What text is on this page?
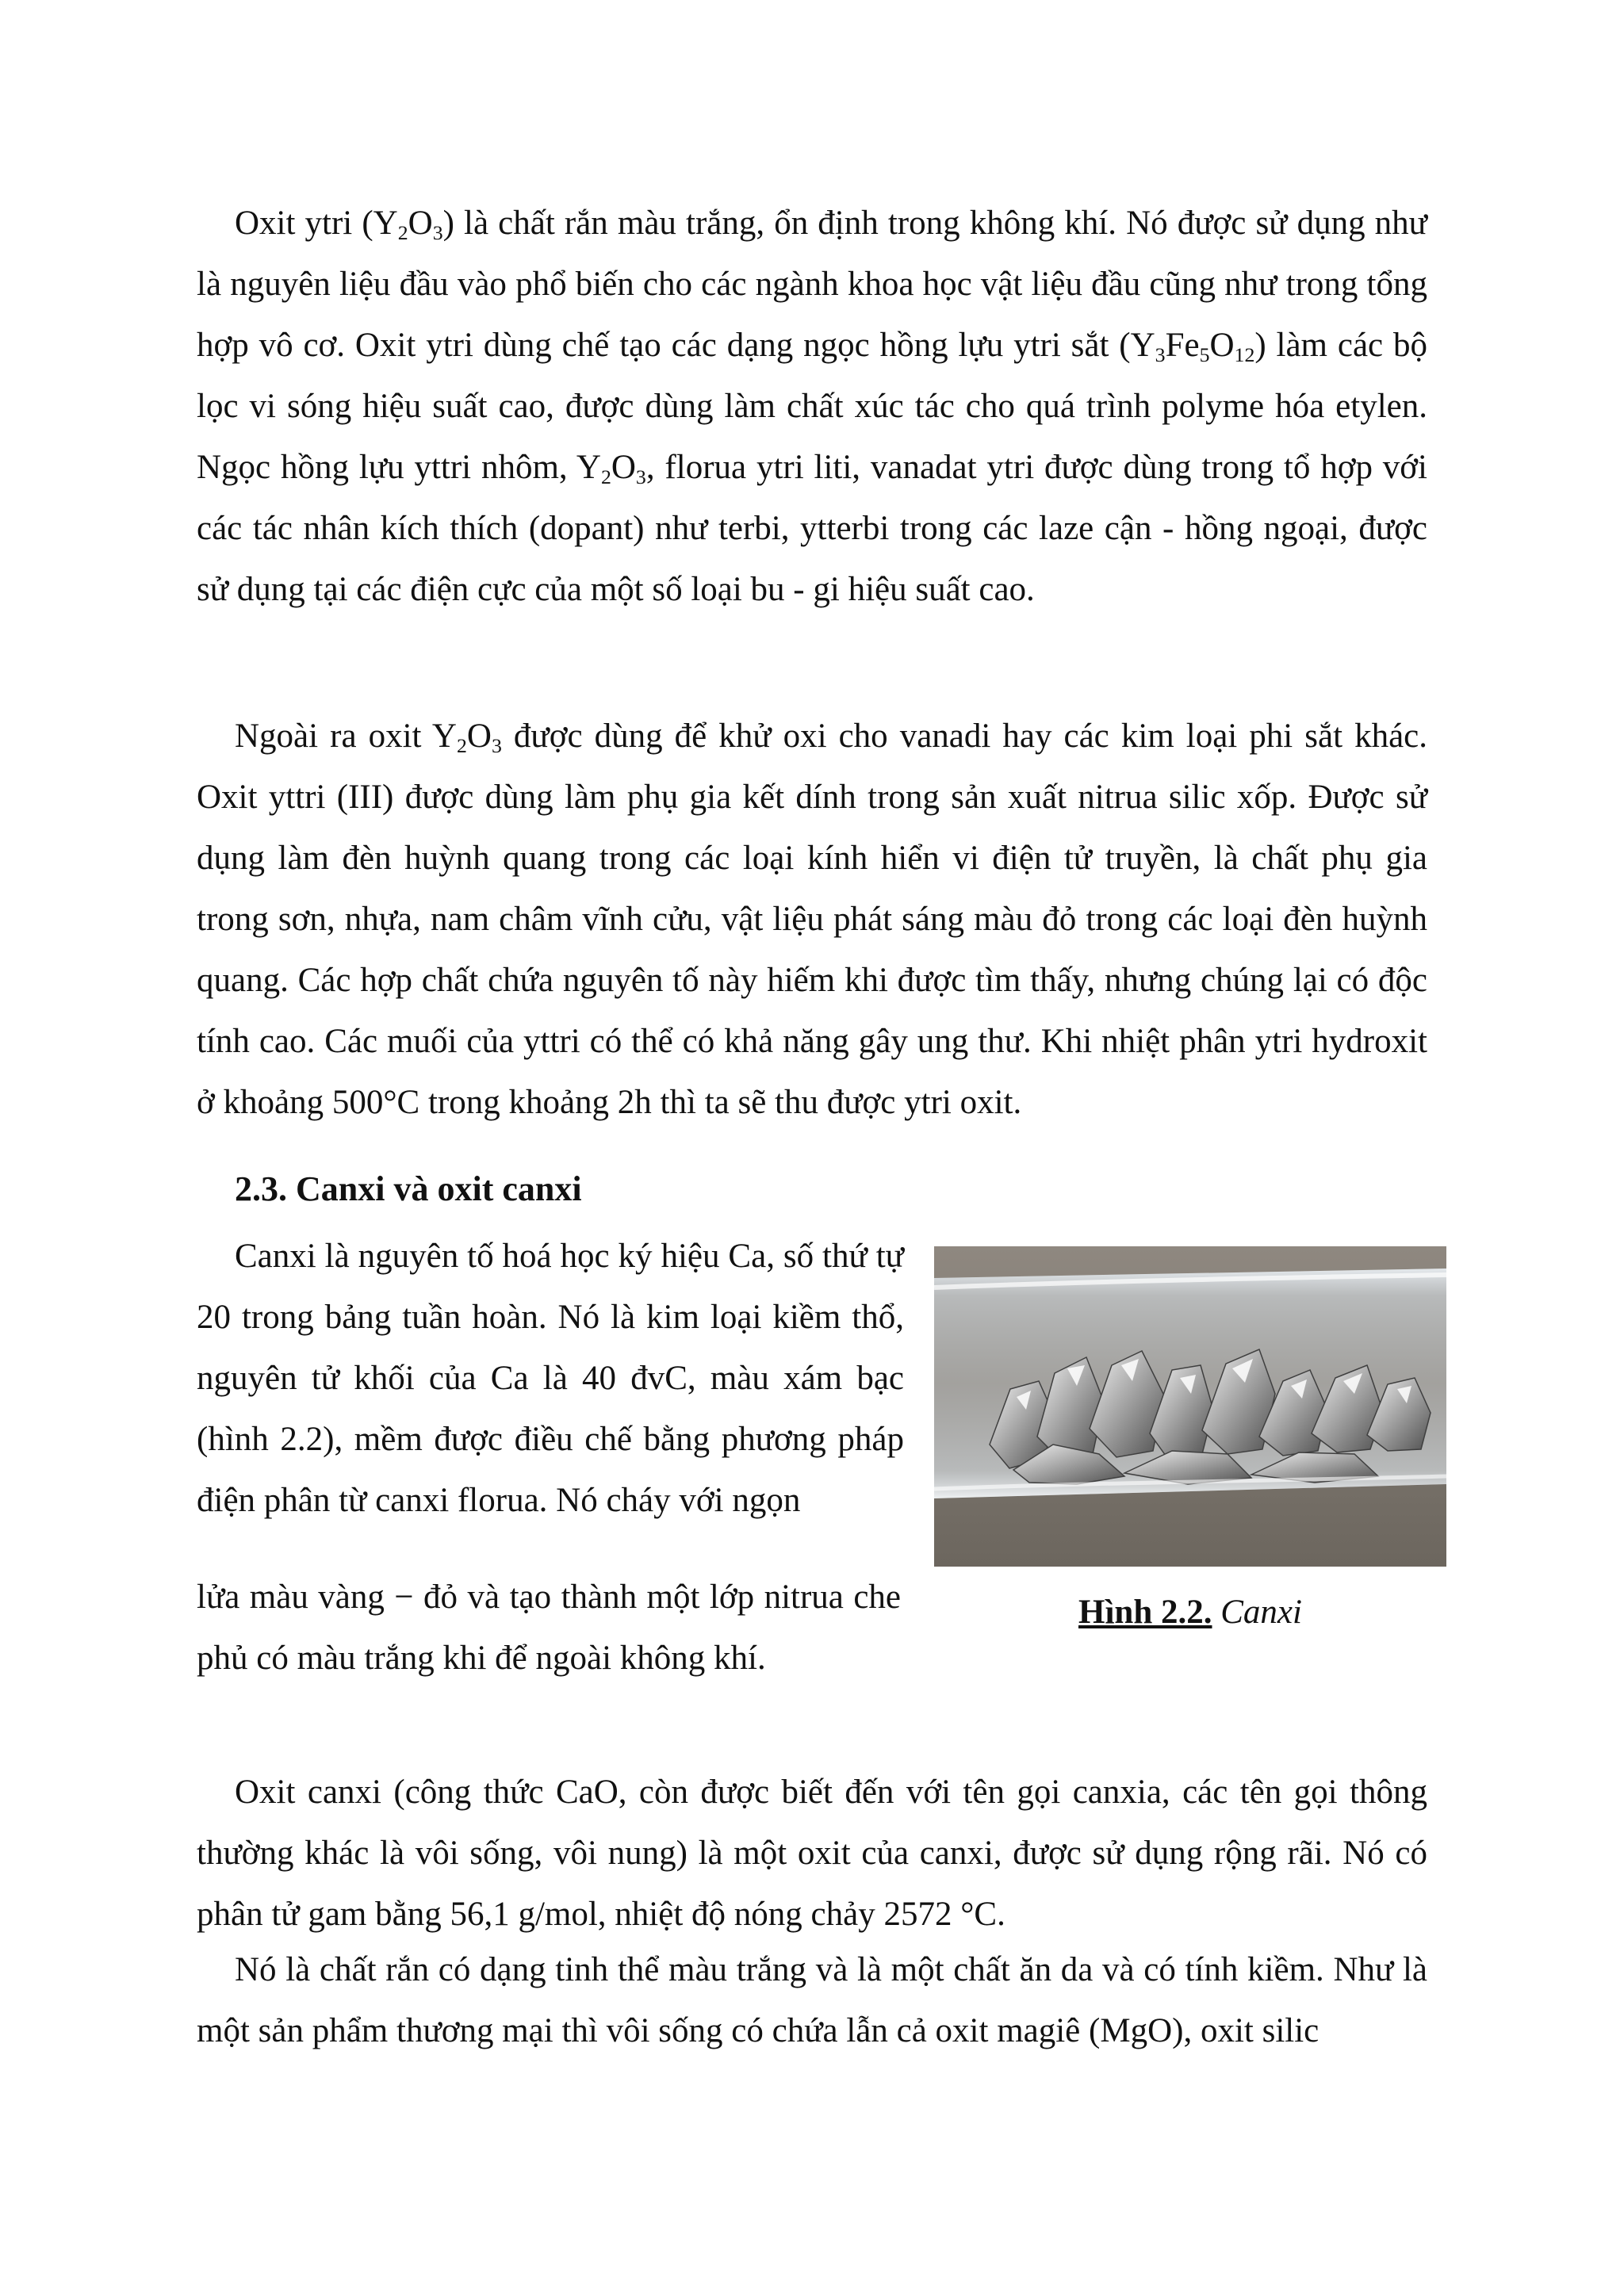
Oxit ytri $(Y_2O_3)$ là chất rắn màu trắng, ổn định trong không khí. Nó được sử dụng như là nguyên liệu đầu vào phổ biến cho các ngành khoa học vật liệu đầu cũng như trong tổng hợp vô cơ. Oxit ytri dùng chế tạo các dạng ngọc hồng lựu ytri sắt $(Y_3Fe_5O_{12})$ làm các bộ lọc vi sóng hiệu suất cao, được dùng làm chất xúc tác cho quá trình polyme hóa etylen. Ngọc hồng lựu yttri nhôm, $Y_2O_3$, florua ytri liti, vanadat ytri được dùng trong tổ hợp với các tác nhân kích thích (dopant) như terbi, ytterbi trong các laze cận - hồng ngoại, được sử dụng tại các điện cực của một số loại bu - gi hiệu suất cao.

Ngoài ra oxit $Y_2O_3$ được dùng để khử oxi cho vanadi hay các kim loại phi sắt khác. Oxit yttri (III) được dùng làm phụ gia kết dính trong sản xuất nitrua silic xốp. Được sử dụng làm đèn huỳnh quang trong các loại kính hiển vi điện tử truyền, là chất phụ gia trong sơn, nhựa, nam châm vĩnh cửu, vật liệu phát sáng màu đỏ trong các loại đèn huỳnh quang. Các hợp chất chứa nguyên tố này hiếm khi được tìm thấy, nhưng chúng lại có độc tính cao. Các muối của yttri có thể có khả năng gây ung thư. Khi nhiệt phân ytri hydroxit ở khoảng 500°C trong khoảng 2h thì ta sẽ thu được ytri oxit.

2.3. Canxi và oxit canxi

Canxi là nguyên tố hoá học ký hiệu Ca, số thứ tự 20 trong bảng tuần hoàn. Nó là kim loại kiềm thổ, nguyên tử khối của Ca là 40 đvC, màu xám bạc (hình 2.2), mềm được điều chế bằng phương pháp điện phân từ canxi florua. Nó cháy với ngọn

Hình 2.2. Canxi

lửa màu vàng − đỏ và tạo thành một lớp nitrua che phủ có màu trắng khi để ngoài không khí.

Oxit canxi (công thức CaO, còn được biết đến với tên gọi canxia, các tên gọi thông thường khác là vôi sống, vôi nung) là một oxit của canxi, được sử dụng rộng rãi. Nó có phân tử gam bằng 56,1 g/mol, nhiệt độ nóng chảy 2572 °C.

Nó là chất rắn có dạng tinh thể màu trắng và là một chất ăn da và có tính kiềm. Như là một sản phẩm thương mại thì vôi sống có chứa lẫn cả oxit magiê (MgO), oxit silic
